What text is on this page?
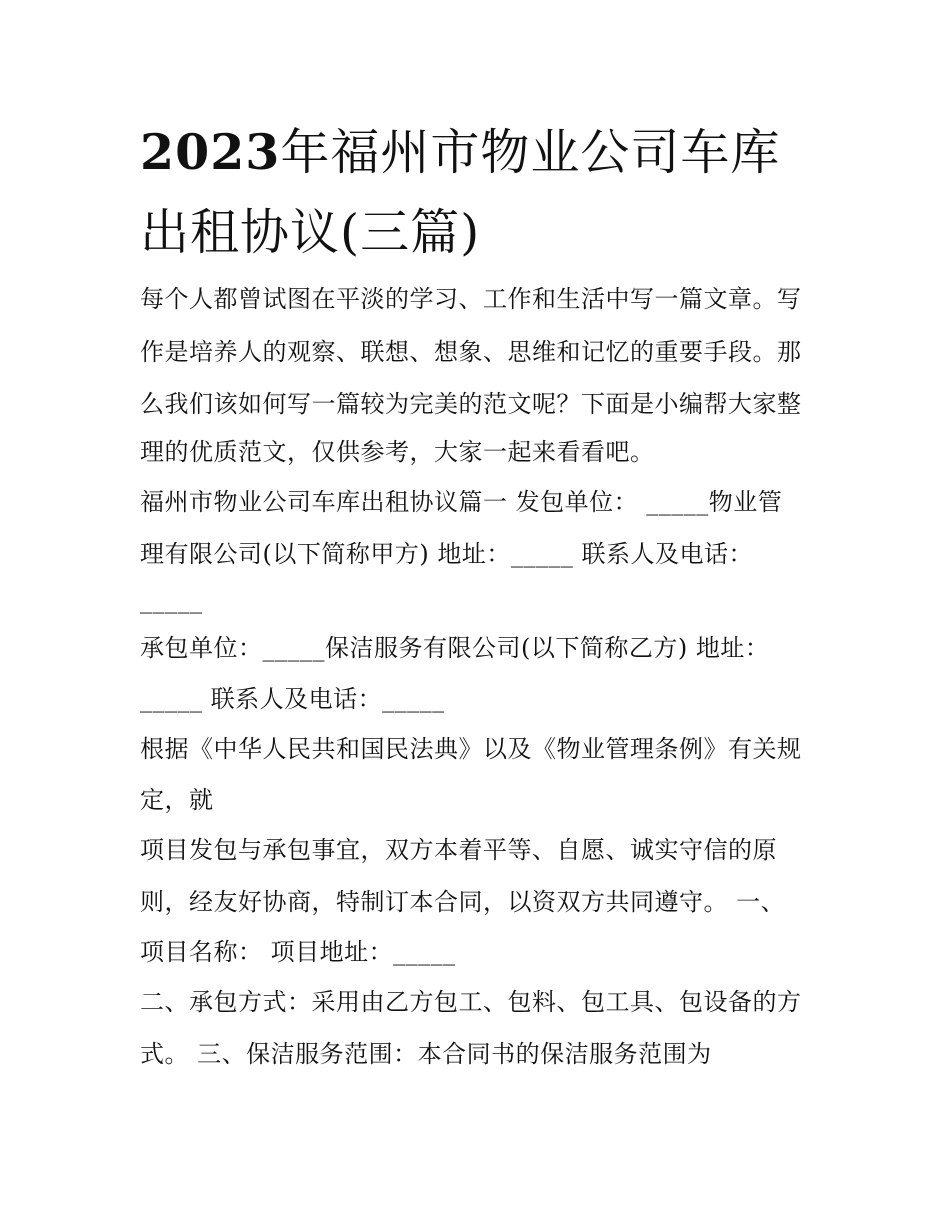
2023年福州市物业公司车库出租协议(三篇)
每个人都曾试图在平淡的学习、工作和生活中写一篇文章。写
作是培养人的观察、联想、想象、思维和记忆的重要手段。那
么我们该如何写一篇较为完美的范文呢？下面是小编帮大家整
理的优质范文，仅供参考，大家一起来看看吧。
福州市物业公司车库出租协议篇一 发包单位： _____物业管
理有限公司(以下简称甲方) 地址：_____ 联系人及电话：
_____
承包单位：_____保洁服务有限公司(以下简称乙方) 地址：
_____ 联系人及电话：_____
根据《中华人民共和国民法典》以及《物业管理条例》有关规
定，就
项目发包与承包事宜，双方本着平等、自愿、诚实守信的原
则，经友好协商，特制订本合同，以资双方共同遵守。 一、
项目名称： 项目地址：_____
二、承包方式：采用由乙方包工、包料、包工具、包设备的方
式。 三、保洁服务范围：本合同书的保洁服务范围为
